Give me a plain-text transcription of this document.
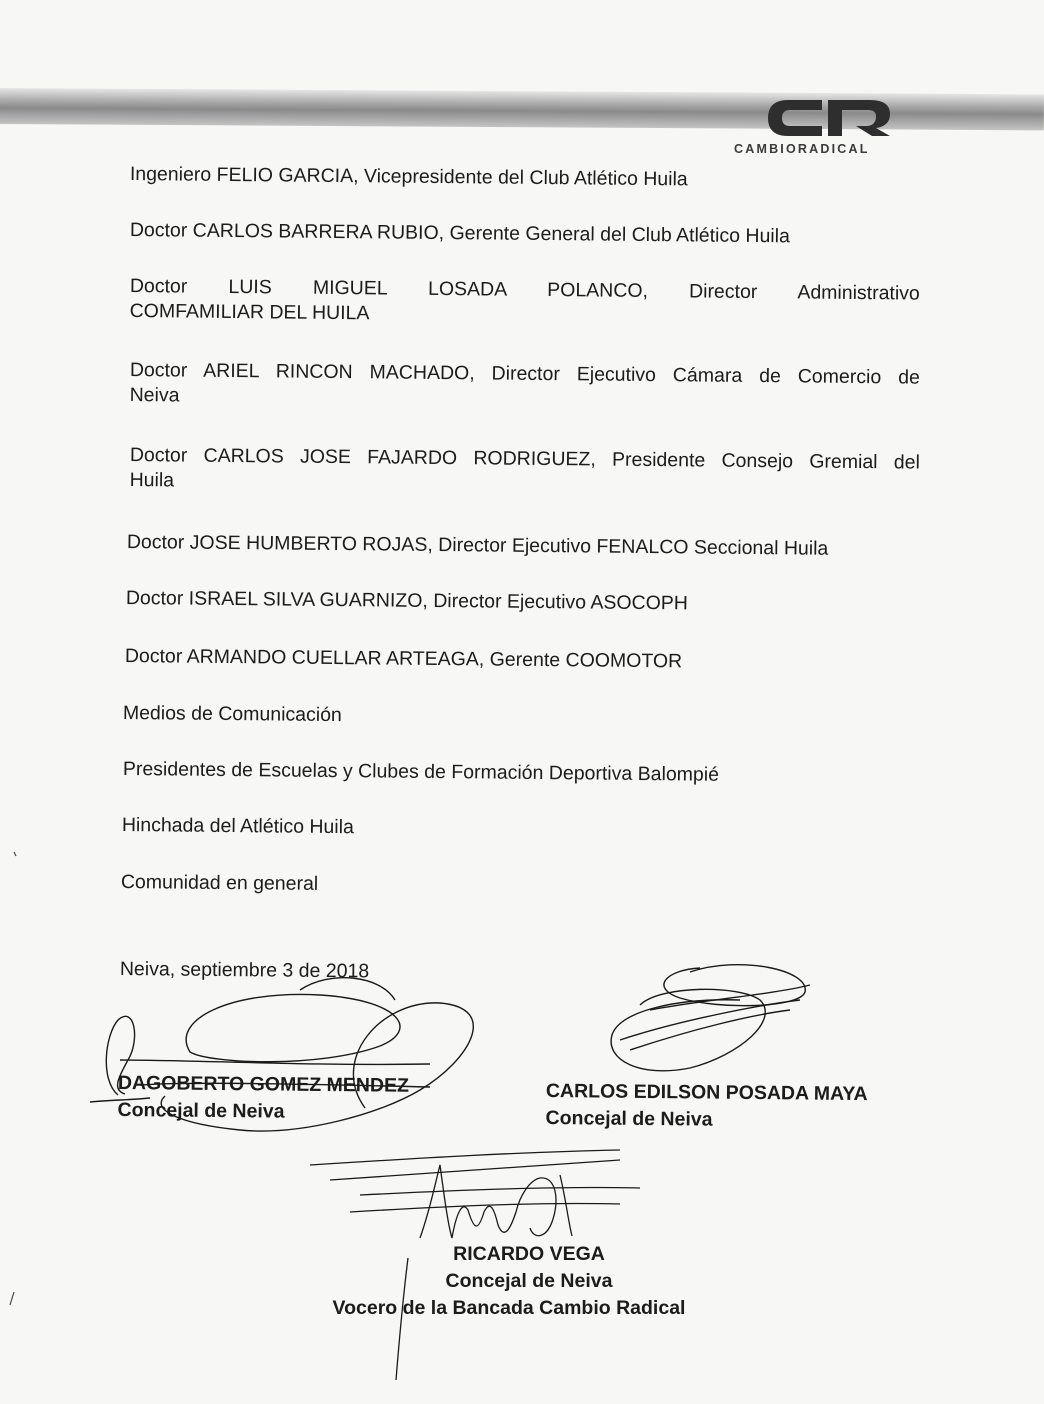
CAMBIORADICAL

Ingeniero FELIO GARCIA, Vicepresidente del Club Atlético Huila

Doctor CARLOS BARRERA RUBIO, Gerente General del Club Atlético Huila

Doctor LUIS MIGUEL LOSADA POLANCO, Director Administrativo
COMFAMILIAR DEL HUILA

Doctor ARIEL RINCON MACHADO, Director Ejecutivo Cámara de Comercio de
Neiva

Doctor CARLOS JOSE FAJARDO RODRIGUEZ, Presidente Consejo Gremial del
Huila

Doctor JOSE HUMBERTO ROJAS, Director Ejecutivo FENALCO Seccional Huila

Doctor ISRAEL SILVA GUARNIZO, Director Ejecutivo ASOCOPH

Doctor ARMANDO CUELLAR ARTEAGA, Gerente COOMOTOR

Medios de Comunicación

Presidentes de Escuelas y Clubes de Formación Deportiva Balompié

Hinchada del Atlético Huila

Comunidad en general

Neiva, septiembre 3 de 2018
DAGOBERTO GOMEZ MENDEZ
Concejal de Neiva
CARLOS EDILSON POSADA MAYA
Concejal de Neiva
RICARDO VEGA
Concejal de Neiva
Vocero de la Bancada Cambio Radical
